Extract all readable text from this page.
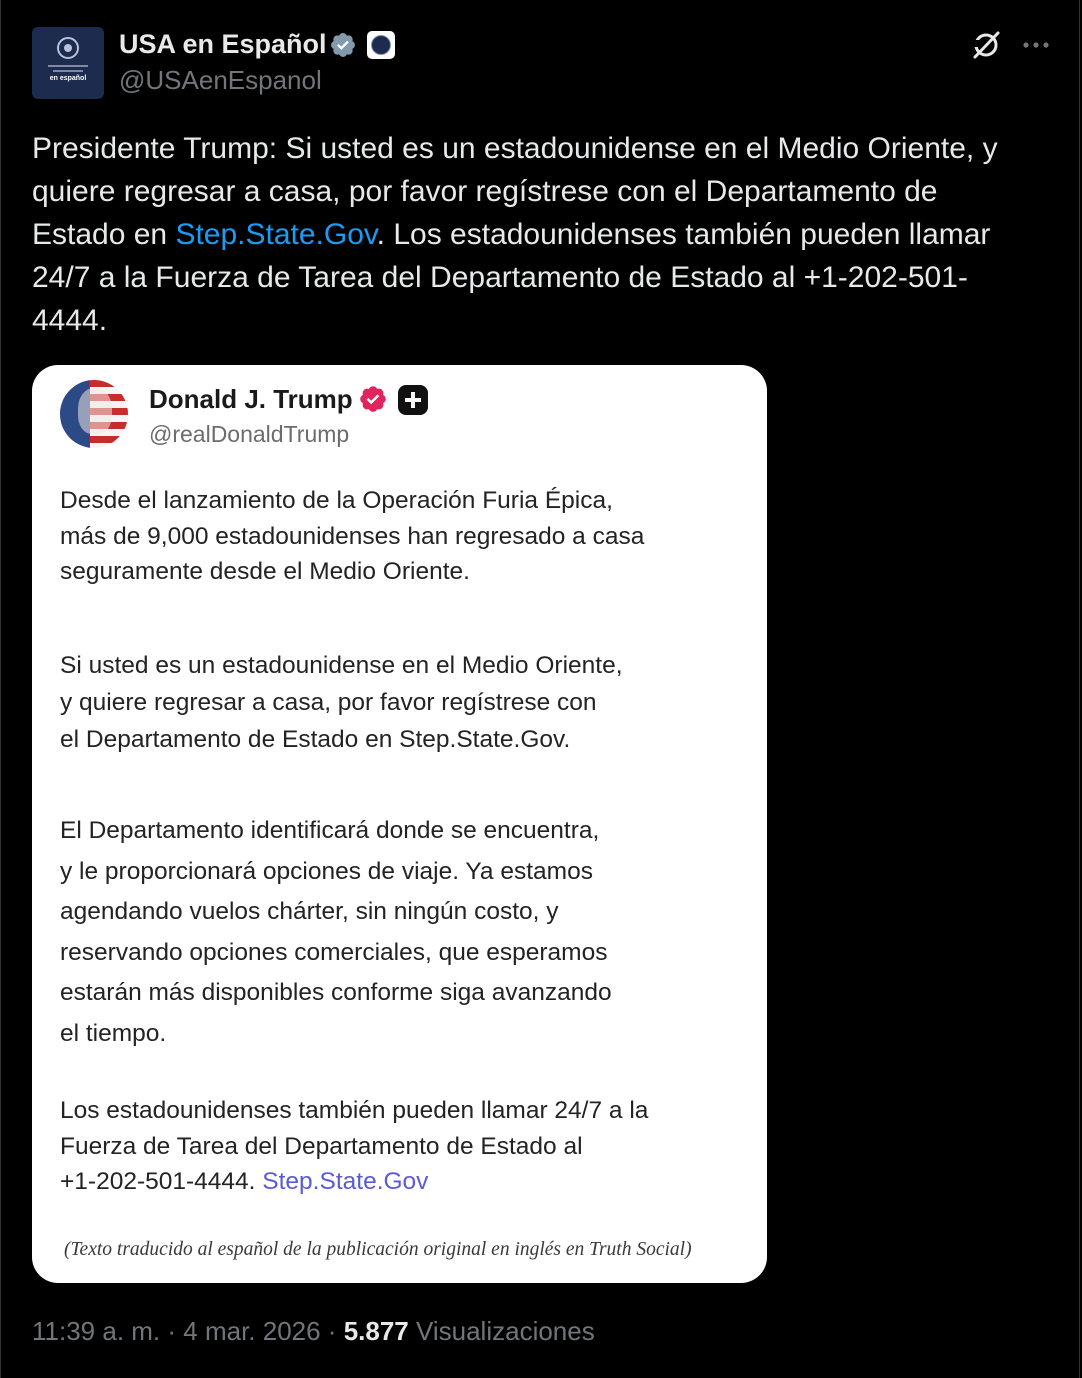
en español
USA en Español
@USAenEspanol
Presidente Trump: Si usted es un estadounidense en el Medio Oriente, y
quiere regresar a casa, por favor regístrese con el Departamento de
Estado en Step.State.Gov. Los estadounidenses también pueden llamar
24/7 a la Fuerza de Tarea del Departamento de Estado al +1-202-501-
4444.
Donald J. Trump
@realDonaldTrump
Desde el lanzamiento de la Operación Furia Épica,
más de 9,000 estadounidenses han regresado a casa
seguramente desde el Medio Oriente.
Si usted es un estadounidense en el Medio Oriente,
y quiere regresar a casa, por favor regístrese con
el Departamento de Estado en Step.State.Gov.
El Departamento identificará donde se encuentra,
y le proporcionará opciones de viaje. Ya estamos
agendando vuelos chárter, sin ningún costo, y
reservando opciones comerciales, que esperamos
estarán más disponibles conforme siga avanzando
el tiempo.
Los estadounidenses también pueden llamar 24/7 a la
Fuerza de Tarea del Departamento de Estado al
+1-202-501-4444. Step.State.Gov
(Texto traducido al español de la publicación original en inglés en Truth Social)
11:39 a. m. · 4 mar. 2026 · 5.877 Visualizaciones
